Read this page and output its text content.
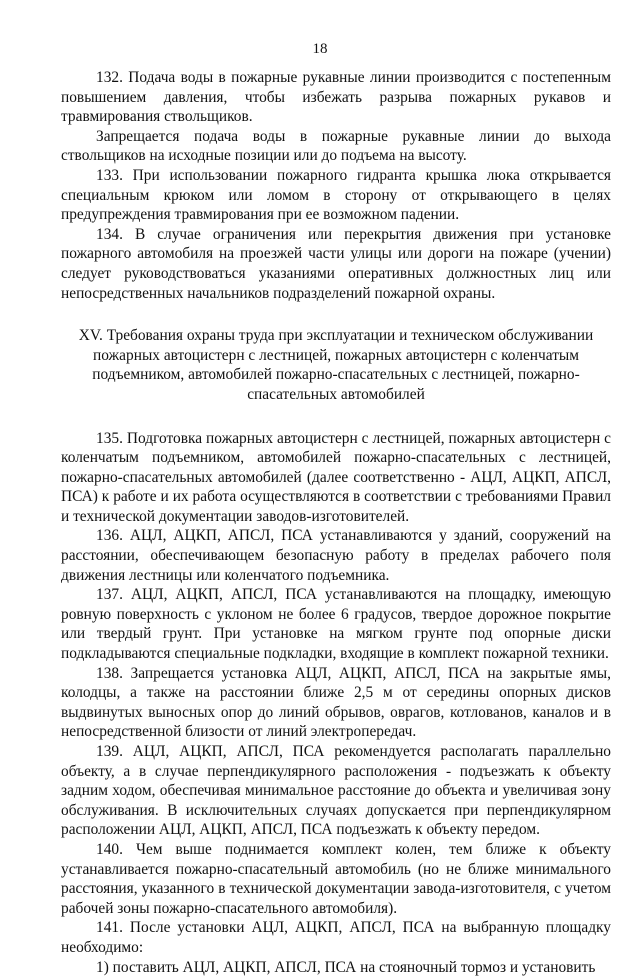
18

132. Подача воды в пожарные рукавные линии производится с постепенным повышением давления, чтобы избежать разрыва пожарных рукавов и травмирования ствольщиков.

Запрещается подача воды в пожарные рукавные линии до выхода ствольщиков на исходные позиции или до подъема на высоту.

133. При использовании пожарного гидранта крышка люка открывается специальным крюком или ломом в сторону от открывающего в целях предупреждения травмирования при ее возможном падении.

134. В случае ограничения или перекрытия движения при установке пожарного автомобиля на проезжей части улицы или дороги на пожаре (учении) следует руководствоваться указаниями оперативных должностных лиц или непосредственных начальников подразделений пожарной охраны.

XV. Требования охраны труда при эксплуатации и техническом обслуживании пожарных автоцистерн с лестницей, пожарных автоцистерн с коленчатым подъемником, автомобилей пожарно-спасательных с лестницей, пожарно-спасательных автомобилей

135. Подготовка пожарных автоцистерн с лестницей, пожарных автоцистерн с коленчатым подъемником, автомобилей пожарно-спасательных с лестницей, пожарно-спасательных автомобилей (далее соответственно - АЦЛ, АЦКП, АПСЛ, ПСА) к работе и их работа осуществляются в соответствии с требованиями Правил и технической документации заводов-изготовителей.

136. АЦЛ, АЦКП, АПСЛ, ПСА устанавливаются у зданий, сооружений на расстоянии, обеспечивающем безопасную работу в пределах рабочего поля движения лестницы или коленчатого подъемника.

137. АЦЛ, АЦКП, АПСЛ, ПСА устанавливаются на площадку, имеющую ровную поверхность с уклоном не более 6 градусов, твердое дорожное покрытие или твердый грунт. При установке на мягком грунте под опорные диски подкладываются специальные подкладки, входящие в комплект пожарной техники.

138. Запрещается установка АЦЛ, АЦКП, АПСЛ, ПСА на закрытые ямы, колодцы, а также на расстоянии ближе 2,5 м от середины опорных дисков выдвинутых выносных опор до линий обрывов, оврагов, котлованов, каналов и в непосредственной близости от линий электропередач.

139. АЦЛ, АЦКП, АПСЛ, ПСА рекомендуется располагать параллельно объекту, а в случае перпендикулярного расположения - подъезжать к объекту задним ходом, обеспечивая минимальное расстояние до объекта и увеличивая зону обслуживания. В исключительных случаях допускается при перпендикулярном расположении АЦЛ, АЦКП, АПСЛ, ПСА подъезжать к объекту передом.

140. Чем выше поднимается комплект колен, тем ближе к объекту устанавливается пожарно-спасательный автомобиль (но не ближе минимального расстояния, указанного в технической документации завода-изготовителя, с учетом рабочей зоны пожарно-спасательного автомобиля).

141. После установки АЦЛ, АЦКП, АПСЛ, ПСА на выбранную площадку необходимо:

1) поставить АЦЛ, АЦКП, АПСЛ, ПСА на стояночный тормоз и установить
